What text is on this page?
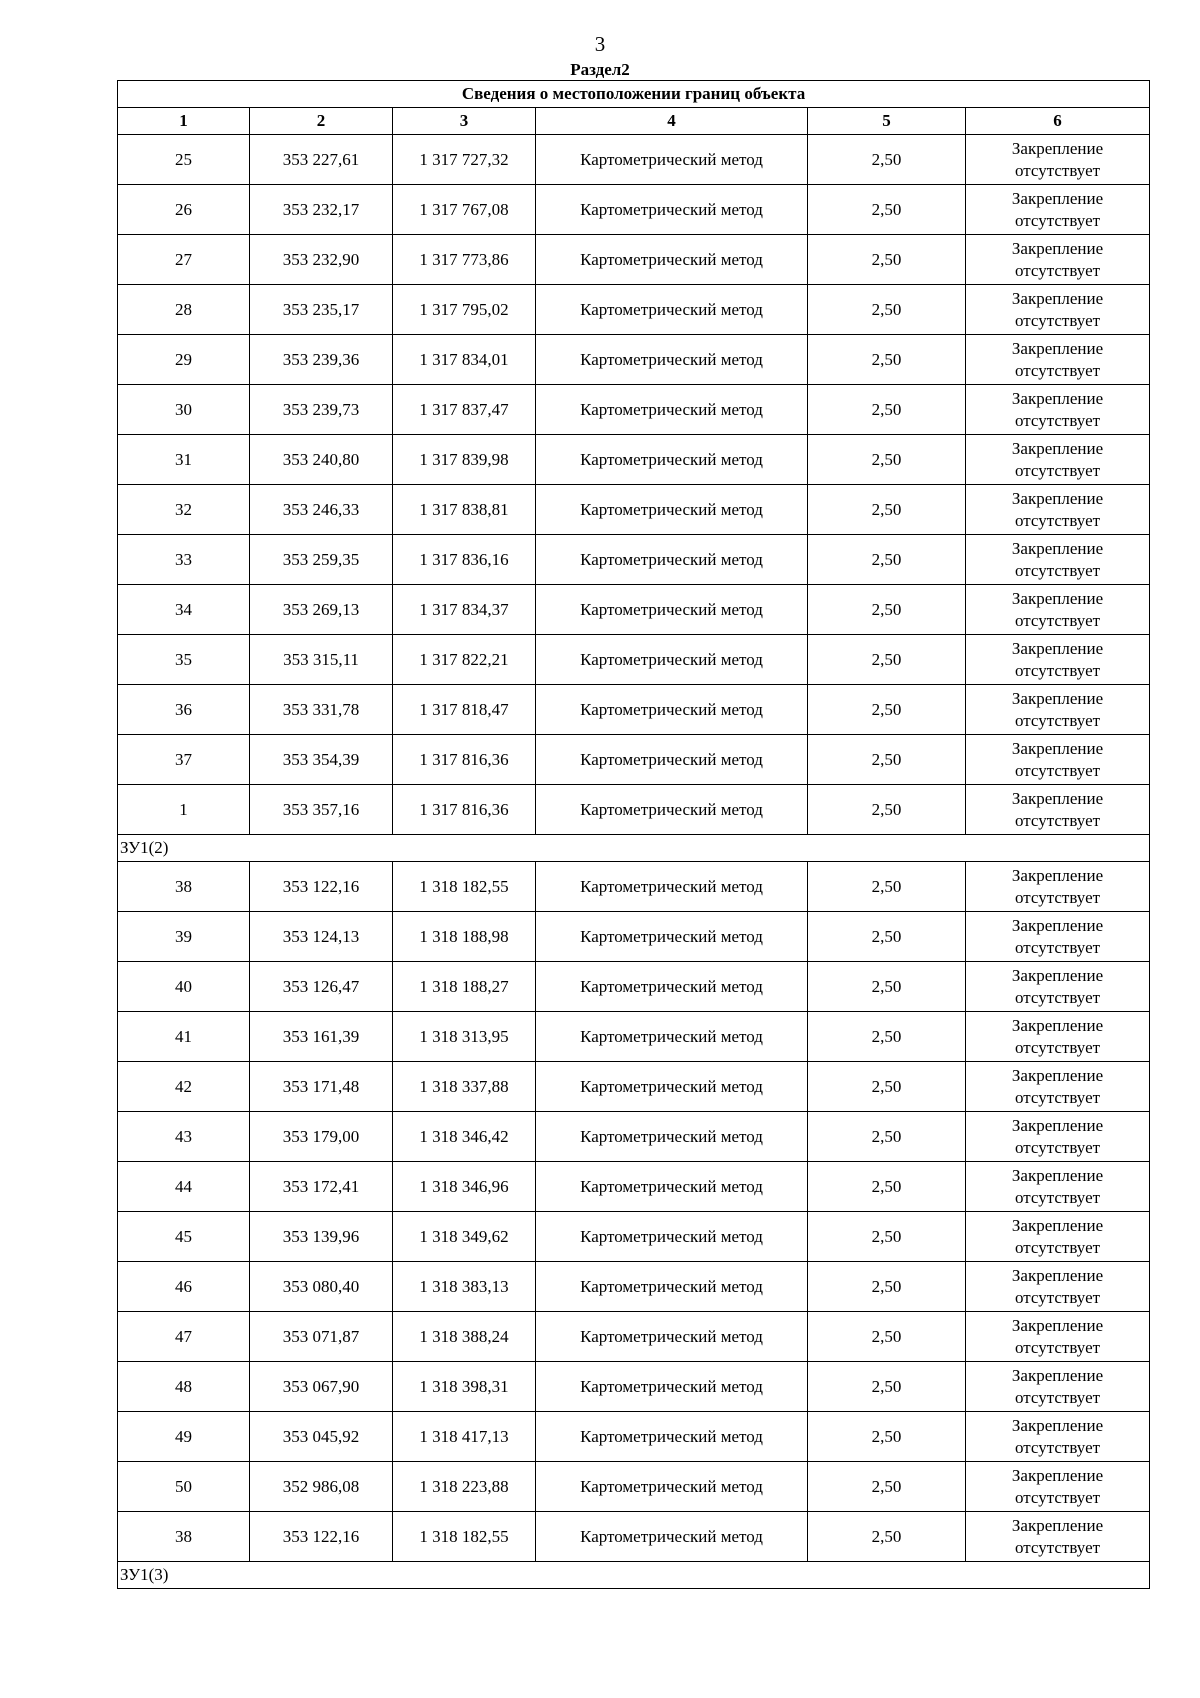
3
Раздел2
Сведения о местоположении границ объекта					
1	2	3	4	5	6
25	353 227,61	1 317 727,32	Картометрический метод	2,50	Закрепление
отсутствует

26	353 232,17	1 317 767,08	Картометрический метод	2,50	Закрепление
отсутствует

27	353 232,90	1 317 773,86	Картометрический метод	2,50	Закрепление
отсутствует

28	353 235,17	1 317 795,02	Картометрический метод	2,50	Закрепление
отсутствует

29	353 239,36	1 317 834,01	Картометрический метод	2,50	Закрепление
отсутствует

30	353 239,73	1 317 837,47	Картометрический метод	2,50	Закрепление
отсутствует

31	353 240,80	1 317 839,98	Картометрический метод	2,50	Закрепление
отсутствует

32	353 246,33	1 317 838,81	Картометрический метод	2,50	Закрепление
отсутствует

33	353 259,35	1 317 836,16	Картометрический метод	2,50	Закрепление
отсутствует

34	353 269,13	1 317 834,37	Картометрический метод	2,50	Закрепление
отсутствует

35	353 315,11	1 317 822,21	Картометрический метод	2,50	Закрепление
отсутствует

36	353 331,78	1 317 818,47	Картометрический метод	2,50	Закрепление
отсутствует

37	353 354,39	1 317 816,36	Картометрический метод	2,50	Закрепление
отсутствует

1	353 357,16	1 317 816,36	Картометрический метод	2,50	Закрепление
отсутствует

ЗУ1(2)					
38	353 122,16	1 318 182,55	Картометрический метод	2,50	Закрепление
отсутствует

39	353 124,13	1 318 188,98	Картометрический метод	2,50	Закрепление
отсутствует

40	353 126,47	1 318 188,27	Картометрический метод	2,50	Закрепление
отсутствует

41	353 161,39	1 318 313,95	Картометрический метод	2,50	Закрепление
отсутствует

42	353 171,48	1 318 337,88	Картометрический метод	2,50	Закрепление
отсутствует

43	353 179,00	1 318 346,42	Картометрический метод	2,50	Закрепление
отсутствует

44	353 172,41	1 318 346,96	Картометрический метод	2,50	Закрепление
отсутствует

45	353 139,96	1 318 349,62	Картометрический метод	2,50	Закрепление
отсутствует

46	353 080,40	1 318 383,13	Картометрический метод	2,50	Закрепление
отсутствует

47	353 071,87	1 318 388,24	Картометрический метод	2,50	Закрепление
отсутствует

48	353 067,90	1 318 398,31	Картометрический метод	2,50	Закрепление
отсутствует

49	353 045,92	1 318 417,13	Картометрический метод	2,50	Закрепление
отсутствует

50	352 986,08	1 318 223,88	Картометрический метод	2,50	Закрепление
отсутствует

38	353 122,16	1 318 182,55	Картометрический метод	2,50	Закрепление
отсутствует

ЗУ1(3)					
